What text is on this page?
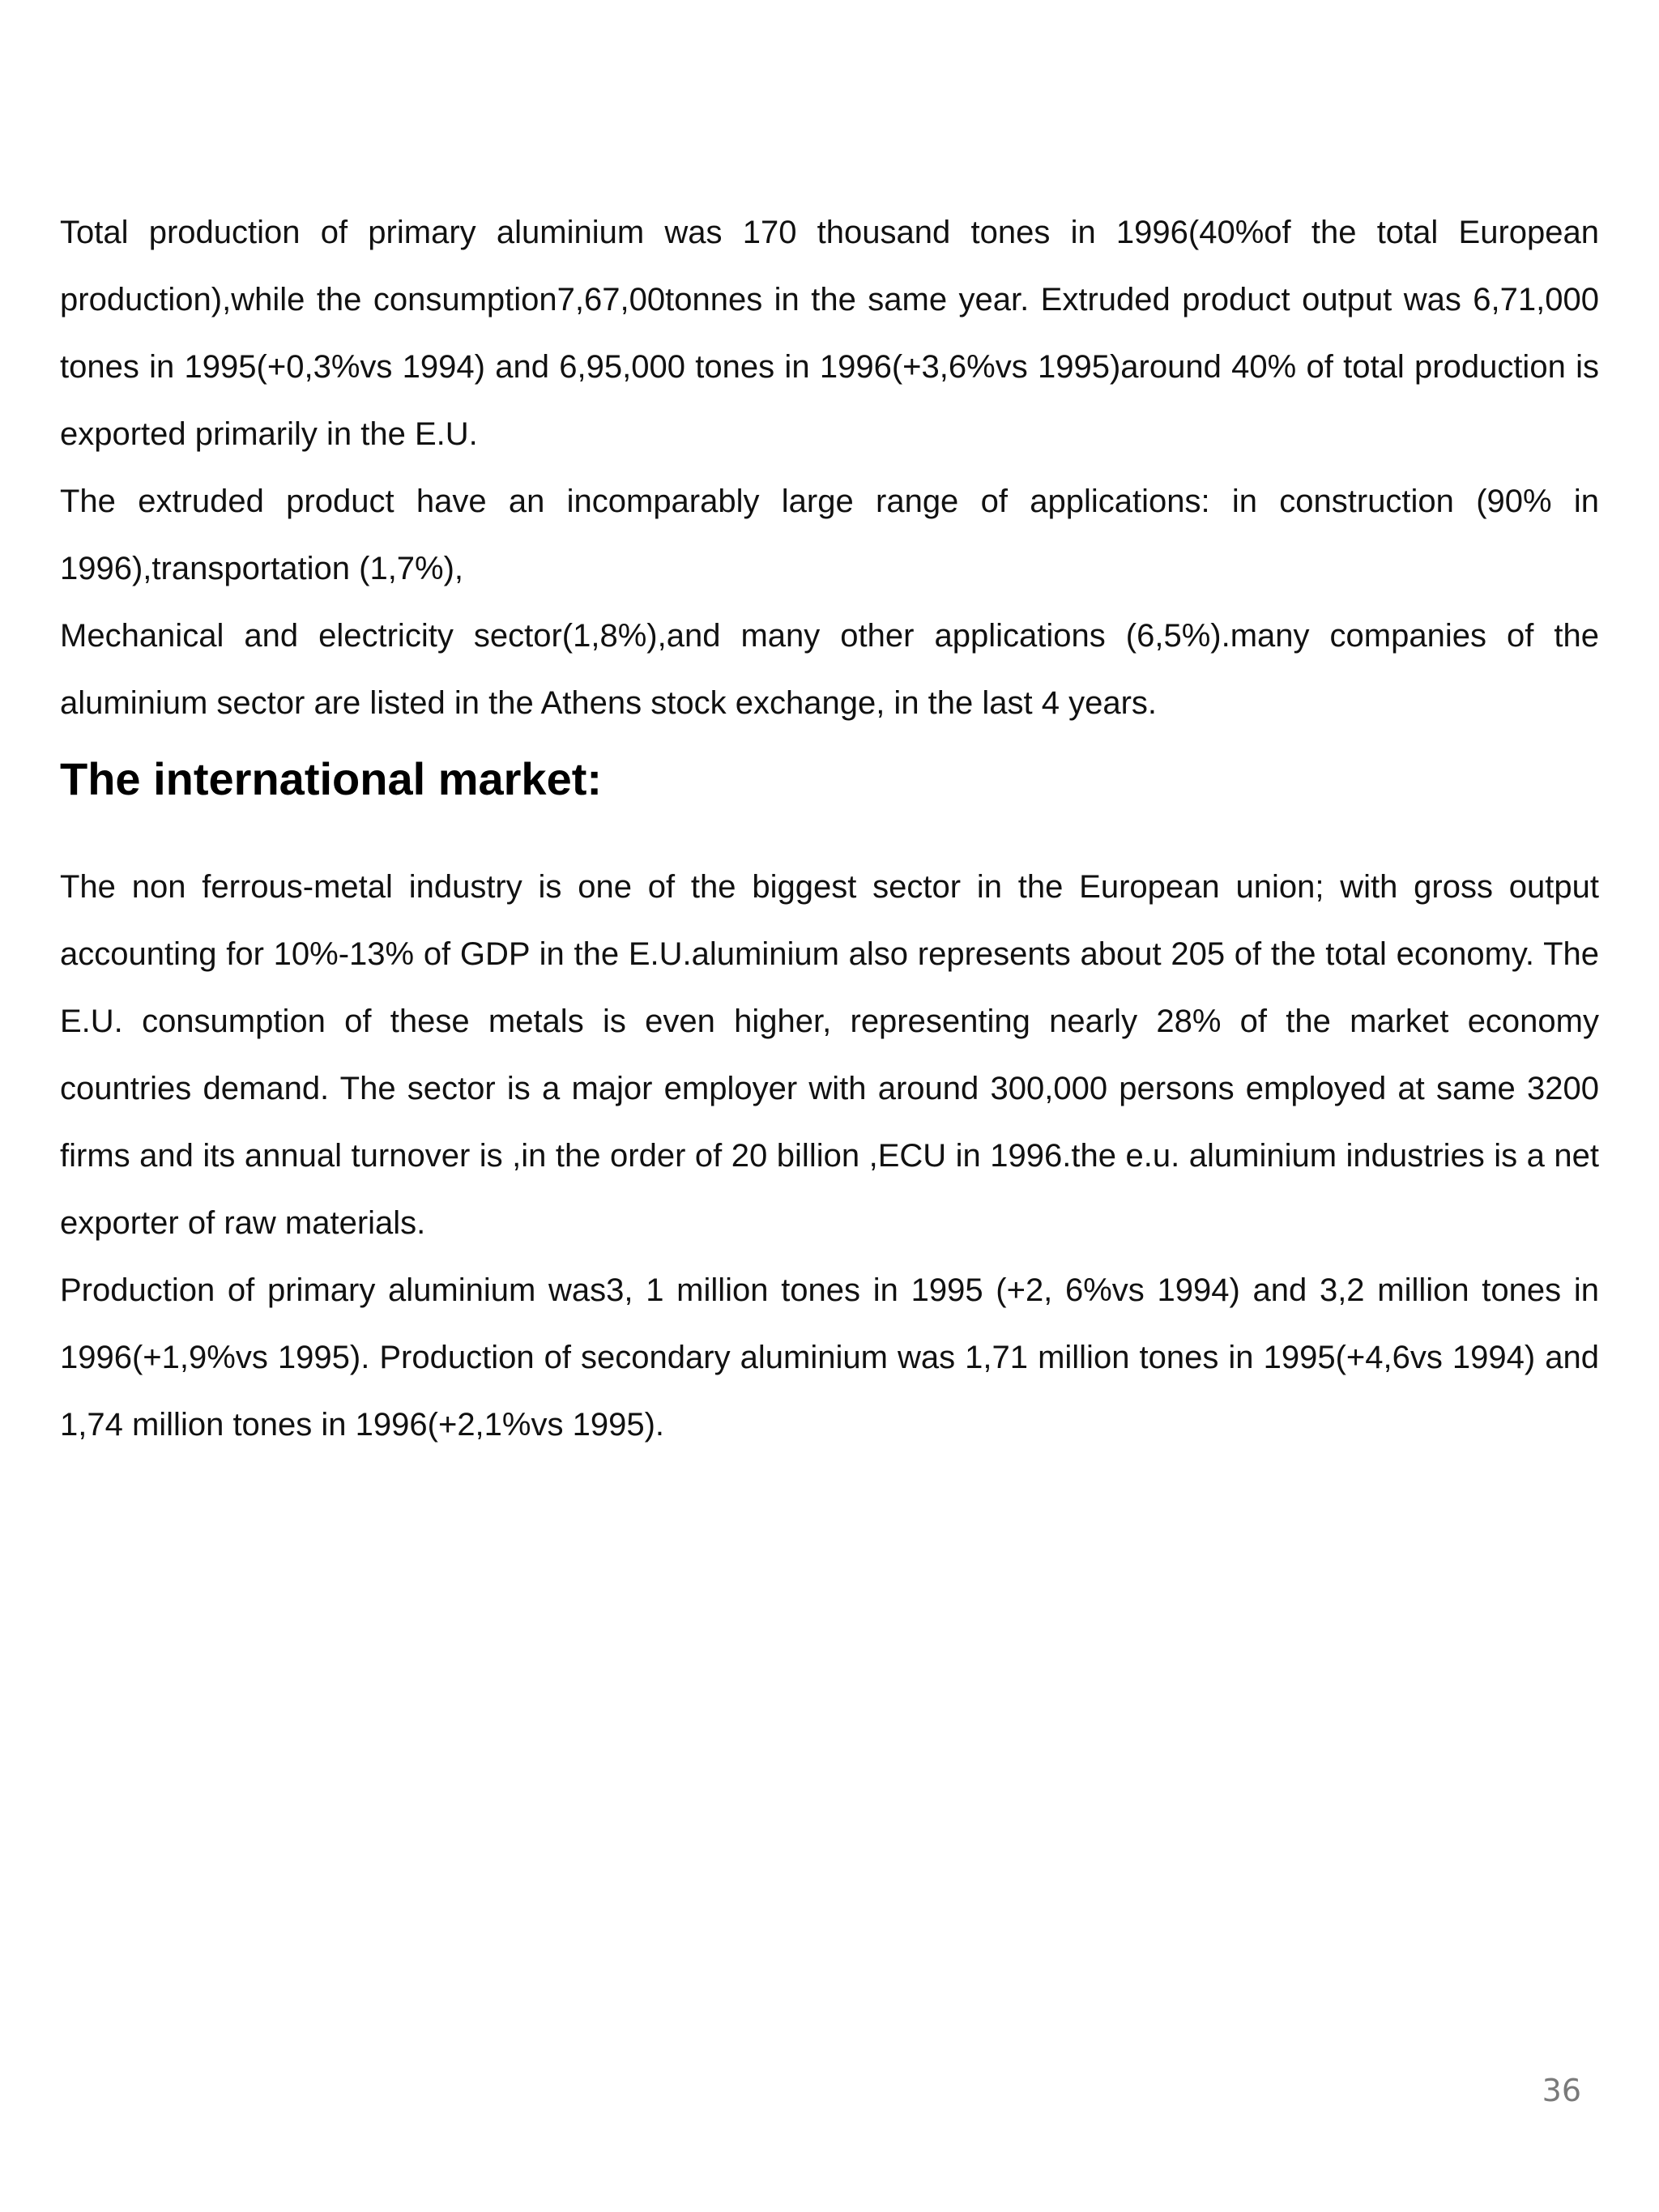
Total production of primary aluminium was 170 thousand tones in 1996(40%of the total European production),while the consumption7,67,00tonnes in the same year. Extruded product output was 6,71,000 tones in 1995(+0,3%vs 1994) and 6,95,000 tones in 1996(+3,6%vs 1995)around 40% of total production is exported primarily in the E.U.

The extruded product have an incomparably large range of applications: in construction (90% in 1996),transportation (1,7%),

Mechanical and electricity sector(1,8%),and many other applications (6,5%).many companies of the aluminium sector are listed in the Athens stock exchange, in the last 4 years.

The international market:

The non ferrous-metal industry is one of the biggest sector in the European union; with gross output accounting for 10%-13% of GDP in the E.U.aluminium also represents about 205 of the total economy. The E.U. consumption of these metals is even higher, representing nearly 28% of the market economy countries demand. The sector is a major employer with around 300,000 persons employed at same 3200 firms and its annual turnover is ,in the order of 20 billion ,ECU in 1996.the e.u. aluminium industries is a net exporter of raw materials.

Production of primary aluminium was3, 1 million tones in 1995 (+2, 6%vs 1994) and 3,2 million tones in 1996(+1,9%vs 1995). Production of secondary aluminium was 1,71 million tones in 1995(+4,6vs 1994) and 1,74 million tones in 1996(+2,1%vs 1995).

36
